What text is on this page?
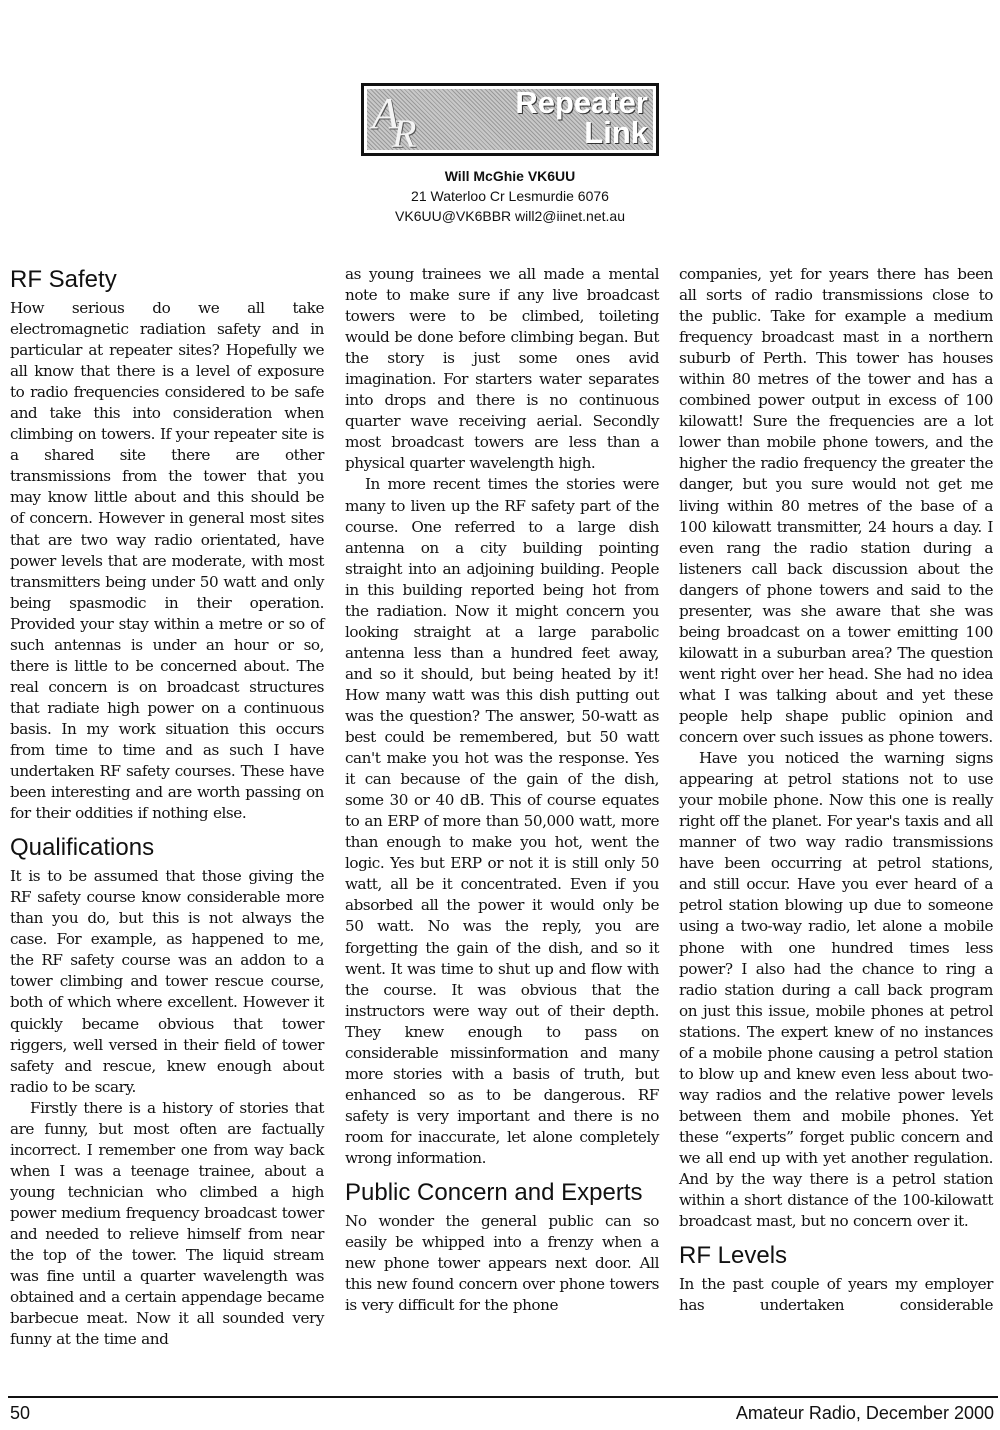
A
R
Repeater
Link
Will McGhie VK6UU
21 Waterloo Cr Lesmurdie 6076
VK6UU@VK6BBR will2@iinet.net.au
RF Safety

How serious do we all take electromagnetic radiation safety and in particular at repeater sites? Hopefully we all know that there is a level of exposure to radio frequencies considered to be safe and take this into consideration when climbing on towers. If your repeater site is a shared site there are other transmissions from the tower that you may know little about and this should be of concern. However in general most sites that are two way radio orientated, have power levels that are moderate, with most transmitters being under 50 watt and only being spasmodic in their operation. Provided your stay within a metre or so of such antennas is under an hour or so, there is little to be concerned about. The real concern is on broadcast structures that radiate high power on a continuous basis. In my work situation this occurs from time to time and as such I have undertaken RF safety courses. These have been interesting and are worth passing on for their oddities if nothing else.

Qualifications

It is to be assumed that those giving the RF safety course know considerable more than you do, but this is not always the case. For example, as happened to me, the RF safety course was an addon to a tower climbing and tower rescue course, both of which where excellent. However it quickly became obvious that tower riggers, well versed in their field of tower safety and rescue, knew enough about radio to be scary.

Firstly there is a history of stories that are funny, but most often are factually incorrect. I remember one from way back when I was a teenage trainee, about a young technician who climbed a high power medium frequency broadcast tower and needed to relieve himself from near the top of the tower. The liquid stream was fine until a quarter wavelength was obtained and a certain appendage became barbecue meat. Now it all sounded very funny at the time and

as young trainees we all made a mental note to make sure if any live broadcast towers were to be climbed, toileting would be done before climbing began. But the story is just some ones avid imagination. For starters water separates into drops and there is no continuous quarter wave receiving aerial. Secondly most broadcast towers are less than a physical quarter wavelength high.

In more recent times the stories were many to liven up the RF safety part of the course. One referred to a large dish antenna on a city building pointing straight into an adjoining building. People in this building reported being hot from the radiation. Now it might concern you looking straight at a large parabolic antenna less than a hundred feet away, and so it should, but being heated by it! How many watt was this dish putting out was the question? The answer, 50-watt as best could be remembered, but 50 watt can't make you hot was the response. Yes it can because of the gain of the dish, some 30 or 40 dB. This of course equates to an ERP of more than 50,000 watt, more than enough to make you hot, went the logic. Yes but ERP or not it is still only 50 watt, all be it concentrated. Even if you absorbed all the power it would only be 50 watt. No was the reply, you are forgetting the gain of the dish, and so it went. It was time to shut up and flow with the course. It was obvious that the instructors were way out of their depth. They knew enough to pass on considerable missinformation and many more stories with a basis of truth, but enhanced so as to be dangerous. RF safety is very important and there is no room for inaccurate, let alone completely wrong information.

Public Concern and Experts

No wonder the general public can so easily be whipped into a frenzy when a new phone tower appears next door. All this new found concern over phone towers is very difficult for the phone

companies, yet for years there has been all sorts of radio transmissions close to the public. Take for example a medium frequency broadcast mast in a northern suburb of Perth. This tower has houses within 80 metres of the tower and has a combined power output in excess of 100 kilowatt! Sure the frequencies are a lot lower than mobile phone towers, and the higher the radio frequency the greater the danger, but you sure would not get me living within 80 metres of the base of a 100 kilowatt transmitter, 24 hours a day. I even rang the radio station during a listeners call back discussion about the dangers of phone towers and said to the presenter, was she aware that she was being broadcast on a tower emitting 100 kilowatt in a suburban area? The question went right over her head. She had no idea what I was talking about and yet these people help shape public opinion and concern over such issues as phone towers.

Have you noticed the warning signs appearing at petrol stations not to use your mobile phone. Now this one is really right off the planet. For year's taxis and all manner of two way radio transmissions have been occurring at petrol stations, and still occur. Have you ever heard of a petrol station blowing up due to someone using a two-way radio, let alone a mobile phone with one hundred times less power? I also had the chance to ring a radio station during a call back program on just this issue, mobile phones at petrol stations. The expert knew of no instances of a mobile phone causing a petrol station to blow up and knew even less about two-way radios and the relative power levels between them and mobile phones. Yet these “experts” forget public concern and we all end up with yet another regulation. And by the way there is a petrol station within a short distance of the 100-kilowatt broadcast mast, but no concern over it.

RF Levels

In the past couple of years my employer has undertaken considerable

50	Amateur Radio, December 2000
